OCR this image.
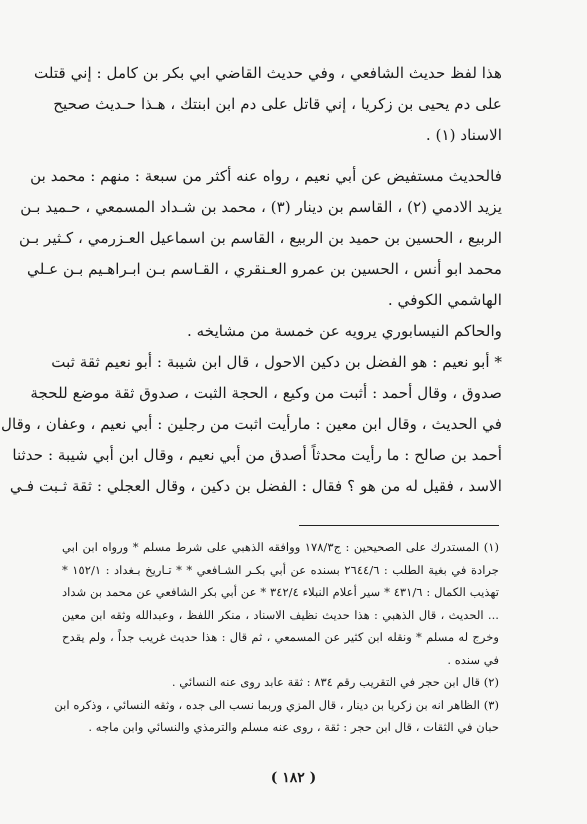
هذا لفظ حديث الشافعي ، وفي حديث القاضي ابي بكر بن كامل : إني قتلت
على دم يحيى بن زكريا ، إني قاتل على دم ابن ابنتك ، هـذا حـديث صحيح
الاسناد (١) .
فالحديث مستفيض عن أبي نعيم ، رواه عنه أكثر من سبعة : منهم : محمد بن
يزيد الادمي (٢) ، القاسم بن دينار (٣) ، محمد بن شـداد المسمعي ، حـميد بـن
الربيع ، الحسين بن حميد بن الربيع ، القاسم بن اسماعيل العـزرمي ، كـثير بـن
محمد ابو أنس ، الحسين بن عمرو العـنقري ، القـاسم بـن ابـراهـيم بـن عـلي
الهاشمي الكوفي .
والحاكم النيسابوري يرويه عن خمسة من مشايخه .
* أبو نعيم : هو الفضل بن دكين الاحول ، قال ابن شيبة : أبو نعيم ثقة ثبت
صدوق ، وقال أحمد : أثبت من وكيع ، الحجة الثبت ، صدوق ثقة موضع للحجة
في الحديث ، وقال ابن معين : مارأيت اثبت من رجلين : أبي نعيم ، وعفان ، وقال
أحمد بن صالح : ما رأيت محدثاً أصدق من أبي نعيم ، وقال ابن أبي شيبة : حدثنا
الاسد ، فقيل له من هو ؟ فقال : الفضل بن دكين ، وقال العجلي : ثقة ثـبت فـي
(١) المستدرك على الصحيحين : ج١٧٨/٣ ووافقه الذهبي على شرط مسلم * ورواه ابن ابي
جرادة في بغية الطلب : ٢٦٤٤/٦ بسنده عن أبي بكـر الشـافعي * * تـاريخ بـغداد : ١٥٢/١ *
تهذيب الكمال : ٤٣١/٦ * سير أعلام النبلاء ٣٤٢/٤ * عن أبي بكر الشافعي عن محمد بن شداد
... الحديث ، قال الذهبي : هذا حديث نظيف الاسناد ، منكر اللفظ ، وعبدالله وثقه ابن معين
وخرج له مسلم * ونقله ابن كثير عن المسمعي ، ثم قال : هذا حديث غريب جداً ، ولم يقدح
في سنده .
(٢) قال ابن حجر في التقريب رقم ٨٣٤ : ثقة عابد روى عنه النسائي .
(٣) الظاهر انه بن زكريا بن دينار ، قال المزي وربما نسب الى جده ، وثقه النسائي ، وذكره ابن
حبان في الثقات ، قال ابن حجر : ثقة ، روى عنه مسلم والترمذي والنسائي وابن ماجه .
( ١٨٢ )
